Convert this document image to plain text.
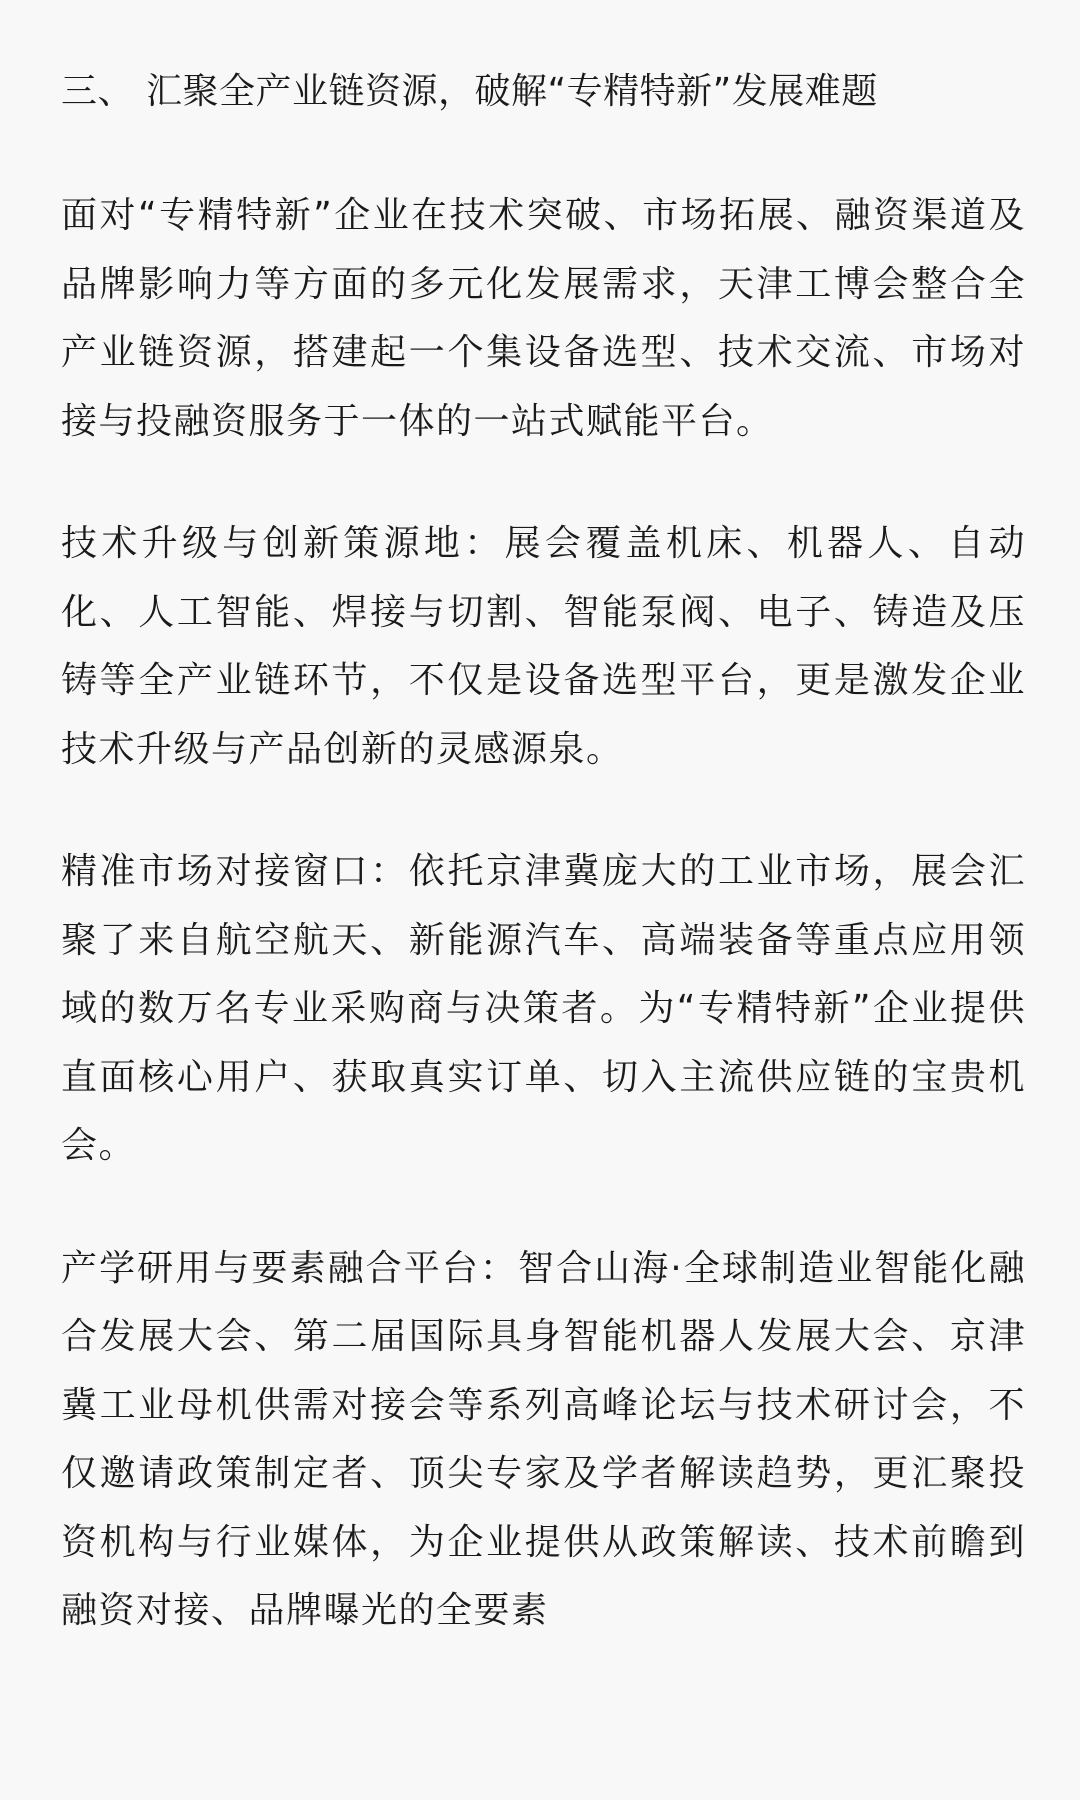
三、 汇聚全产业链资源，破解“专精特新”发展难题

面对“专精特新”企业在技术突破、市场拓展、融资渠道及品牌影响力等方面的多元化发展需求，天津工博会整合全产业链资源，搭建起一个集设备选型、技术交流、市场对接与投融资服务于一体的一站式赋能平台。

技术升级与创新策源地：展会覆盖机床、机器人、自动化、人工智能、焊接与切割、智能泵阀、电子、铸造及压铸等全产业链环节，不仅是设备选型平台，更是激发企业技术升级与产品创新的灵感源泉。

精准市场对接窗口：依托京津冀庞大的工业市场，展会汇聚了来自航空航天、新能源汽车、高端装备等重点应用领域的数万名专业采购商与决策者。为“专精特新”企业提供直面核心用户、获取真实订单、切入主流供应链的宝贵机会。

产学研用与要素融合平台：智合山海·全球制造业智能化融合发展大会、第二届国际具身智能机器人发展大会、京津冀工业母机供需对接会等系列高峰论坛与技术研讨会，不仅邀请政策制定者、顶尖专家及学者解读趋势，更汇聚投资机构与行业媒体，为企业提供从政策解读、技术前瞻到融资对接、品牌曝光的全要素
